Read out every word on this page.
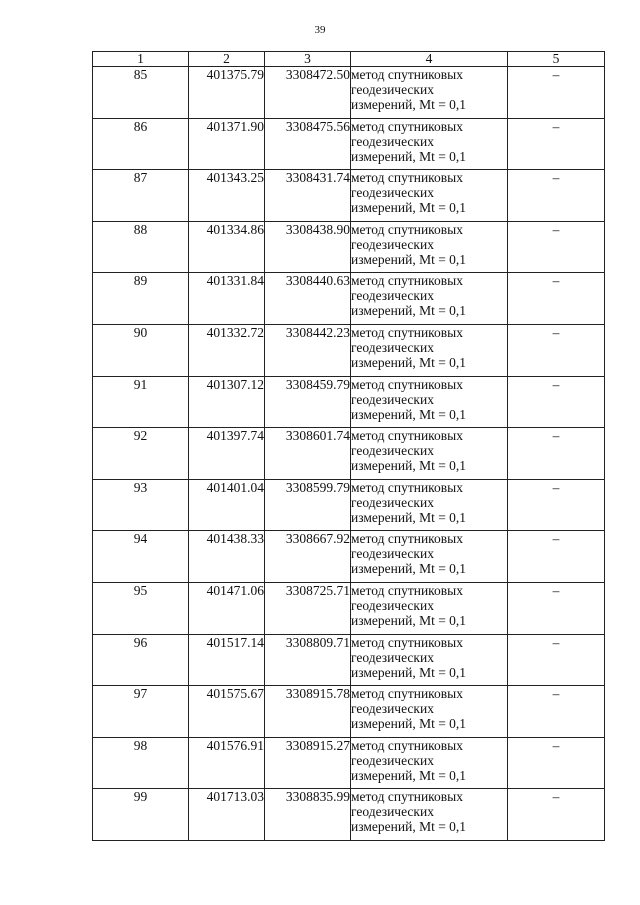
39
1	2	3	4	5
85	401375.79	3308472.50	метод спутниковых
геодезических
измерений, Mt = 0,1	–
86	401371.90	3308475.56	метод спутниковых
геодезических
измерений, Mt = 0,1	–
87	401343.25	3308431.74	метод спутниковых
геодезических
измерений, Mt = 0,1	–
88	401334.86	3308438.90	метод спутниковых
геодезических
измерений, Mt = 0,1	–
89	401331.84	3308440.63	метод спутниковых
геодезических
измерений, Mt = 0,1	–
90	401332.72	3308442.23	метод спутниковых
геодезических
измерений, Mt = 0,1	–
91	401307.12	3308459.79	метод спутниковых
геодезических
измерений, Mt = 0,1	–
92	401397.74	3308601.74	метод спутниковых
геодезических
измерений, Mt = 0,1	–
93	401401.04	3308599.79	метод спутниковых
геодезических
измерений, Mt = 0,1	–
94	401438.33	3308667.92	метод спутниковых
геодезических
измерений, Mt = 0,1	–
95	401471.06	3308725.71	метод спутниковых
геодезических
измерений, Mt = 0,1	–
96	401517.14	3308809.71	метод спутниковых
геодезических
измерений, Mt = 0,1	–
97	401575.67	3308915.78	метод спутниковых
геодезических
измерений, Mt = 0,1	–
98	401576.91	3308915.27	метод спутниковых
геодезических
измерений, Mt = 0,1	–
99	401713.03	3308835.99	метод спутниковых
геодезических
измерений, Mt = 0,1	–
